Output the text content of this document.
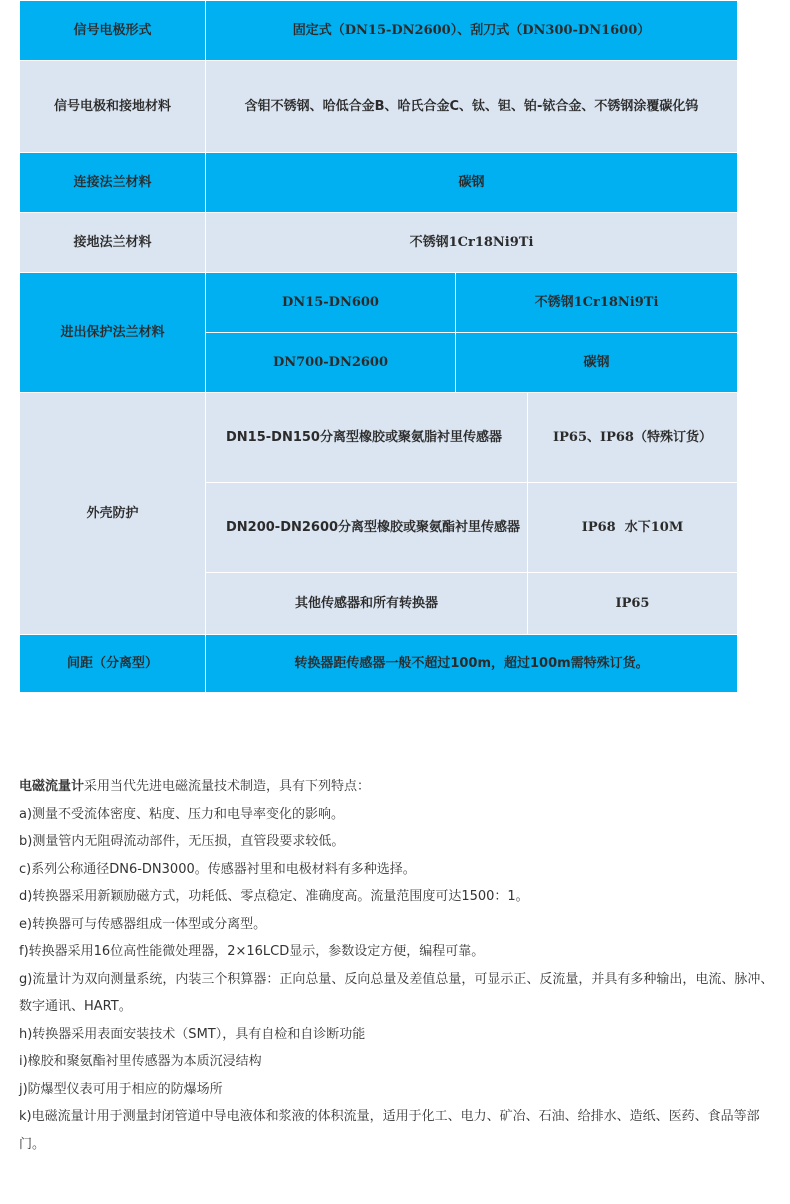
信号电极形式	固定式（DN15-DN2600）、刮刀式（DN300-DN1600）		
信号电极和接地材料	含钼不锈钢、哈低合金B、哈氏合金C、钛、钽、铂-铱合金、不锈钢涂覆碳化钨		
连接法兰材料	碳钢		
接地法兰材料	不锈钢1Cr18Ni9Ti		
进出保护法兰材料	DN15-DN600	不锈钢1Cr18Ni9Ti	
	DN700-DN2600	碳钢	
外壳防护	DN15-DN150分离型橡胶或聚氨脂衬里传感器		IP65、IP68（特殊订货）
	DN200-DN2600分离型橡胶或聚氨酯衬里传感器		IP68  水下10M
	其他传感器和所有转换器		IP65
间距（分离型）	转换器距传感器一般不超过100m，超过100m需特殊订货。		

电磁流量计采用当代先进电磁流量技术制造，具有下列特点：

a)测量不受流体密度、粘度、压力和电导率变化的影响。

b)测量管内无阻碍流动部件，无压损，直管段要求较低。

c)系列公称通径DN6-DN3000。传感器衬里和电极材料有多种选择。

d)转换器采用新颖励磁方式，功耗低、零点稳定、准确度高。流量范围度可达1500：1。

e)转换器可与传感器组成一体型或分离型。

f)转换器采用16位高性能微处理器，2×16LCD显示，参数设定方便，编程可靠。

g)流量计为双向测量系统，内装三个积算器：正向总量、反向总量及差值总量，可显示正、反流量，并具有多种输出，电流、脉冲、数字通讯、HART。

h)转换器采用表面安装技术（SMT），具有自检和自诊断功能

i)橡胶和聚氨酯衬里传感器为本质沉浸结构

j)防爆型仪表可用于相应的防爆场所

k)电磁流量计用于测量封闭管道中导电液体和浆液的体积流量，适用于化工、电力、矿冶、石油、给排水、造纸、医药、食品等部门。
